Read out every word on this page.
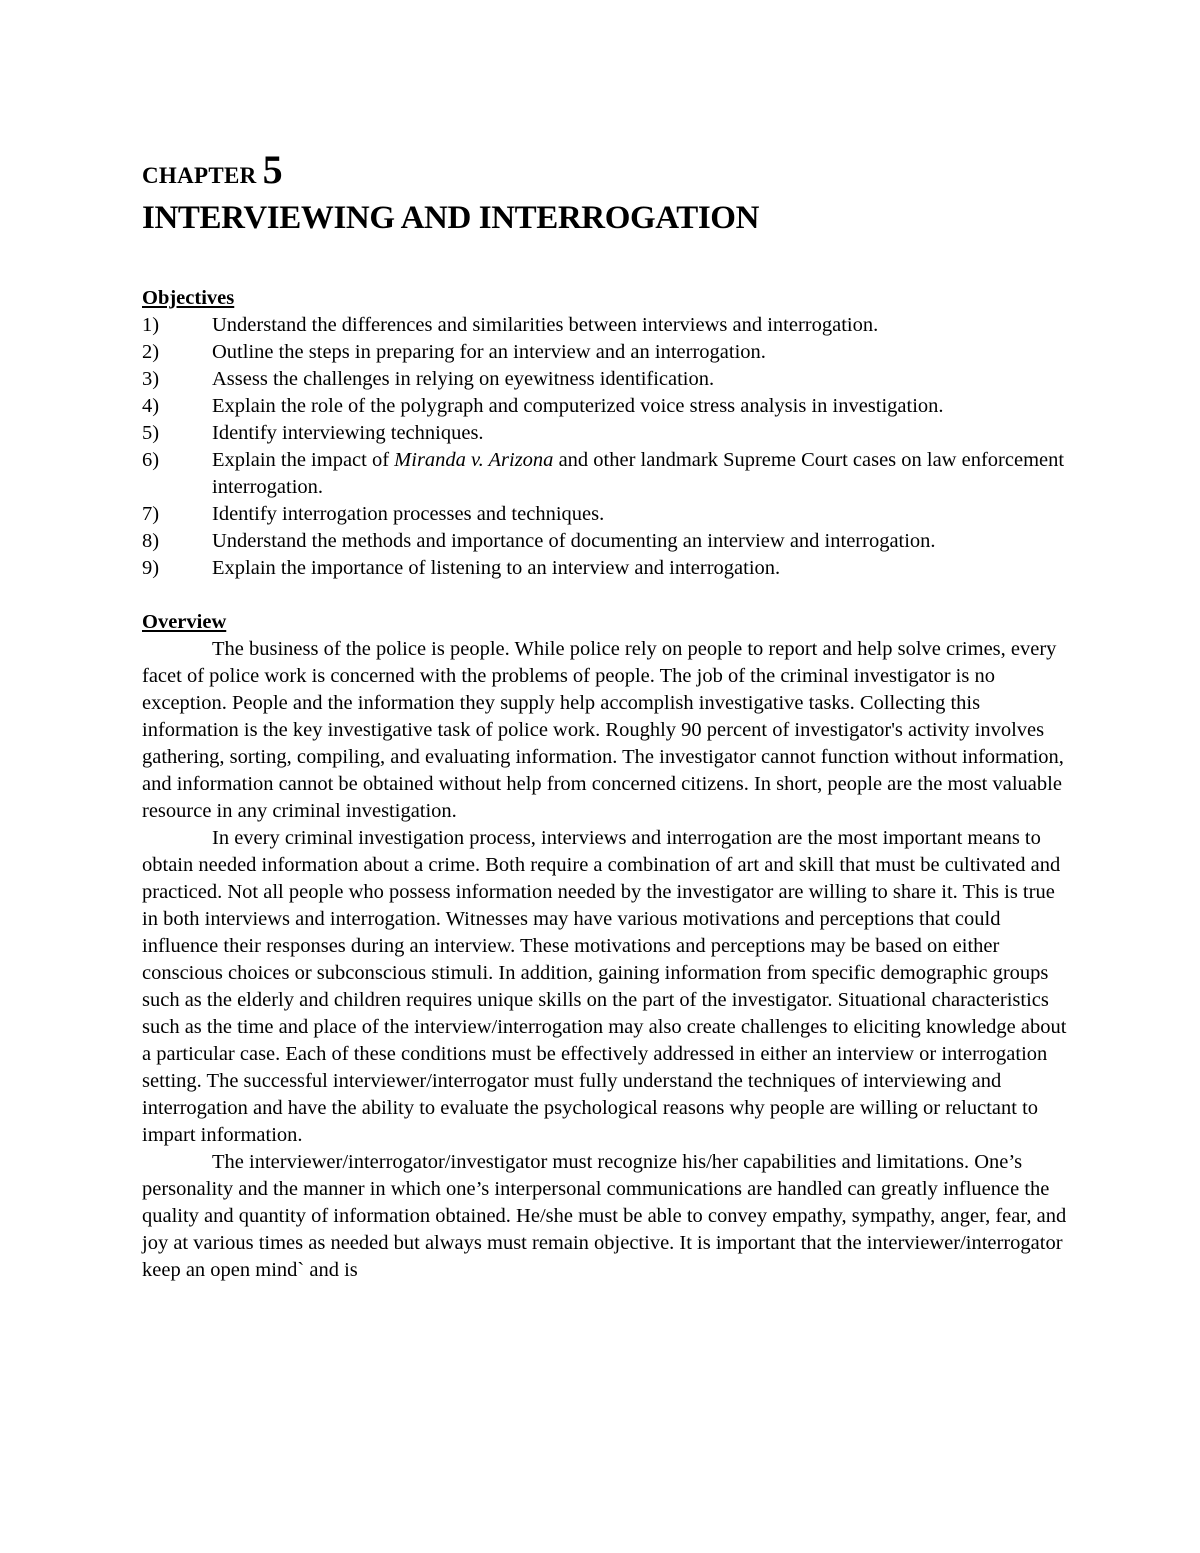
CHAPTER 5
INTERVIEWING AND INTERROGATION
Objectives
1)	Understand the differences and similarities between interviews and interrogation.
2)	Outline the steps in preparing for an interview and an interrogation.
3)	Assess the challenges in relying on eyewitness identification.
4)	Explain the role of the polygraph and computerized voice stress analysis in investigation.
5)	Identify interviewing techniques.
6)	Explain the impact of Miranda v. Arizona and other landmark Supreme Court cases on law enforcement interrogation.
7)	Identify interrogation processes and techniques.
8)	Understand the methods and importance of documenting an interview and interrogation.
9)	Explain the importance of listening to an interview and interrogation.
Overview

The business of the police is people. While police rely on people to report and help solve crimes, every facet of police work is concerned with the problems of people. The job of the criminal investigator is no exception. People and the information they supply help accomplish investigative tasks. Collecting this information is the key investigative task of police work. Roughly 90 percent of investigator's activity involves gathering, sorting, compiling, and evaluating information. The investigator cannot function without information, and information cannot be obtained without help from concerned citizens. In short, people are the most valuable resource in any criminal investigation.

In every criminal investigation process, interviews and interrogation are the most important means to obtain needed information about a crime. Both require a combination of art and skill that must be cultivated and practiced. Not all people who possess information needed by the investigator are willing to share it. This is true in both interviews and interrogation. Witnesses may have various motivations and perceptions that could influence their responses during an interview. These motivations and perceptions may be based on either conscious choices or subconscious stimuli. In addition, gaining information from specific demographic groups such as the elderly and children requires unique skills on the part of the investigator. Situational characteristics such as the time and place of the interview/interrogation may also create challenges to eliciting knowledge about a particular case. Each of these conditions must be effectively addressed in either an interview or interrogation setting. The successful interviewer/interrogator must fully understand the techniques of interviewing and interrogation and have the ability to evaluate the psychological reasons why people are willing or reluctant to impart information.

The interviewer/interrogator/investigator must recognize his/her capabilities and limitations. One’s personality and the manner in which one’s interpersonal communications are handled can greatly influence the quality and quantity of information obtained. He/she must be able to convey empathy, sympathy, anger, fear, and joy at various times as needed but always must remain objective. It is important that the interviewer/interrogator keep an open mind` and is
